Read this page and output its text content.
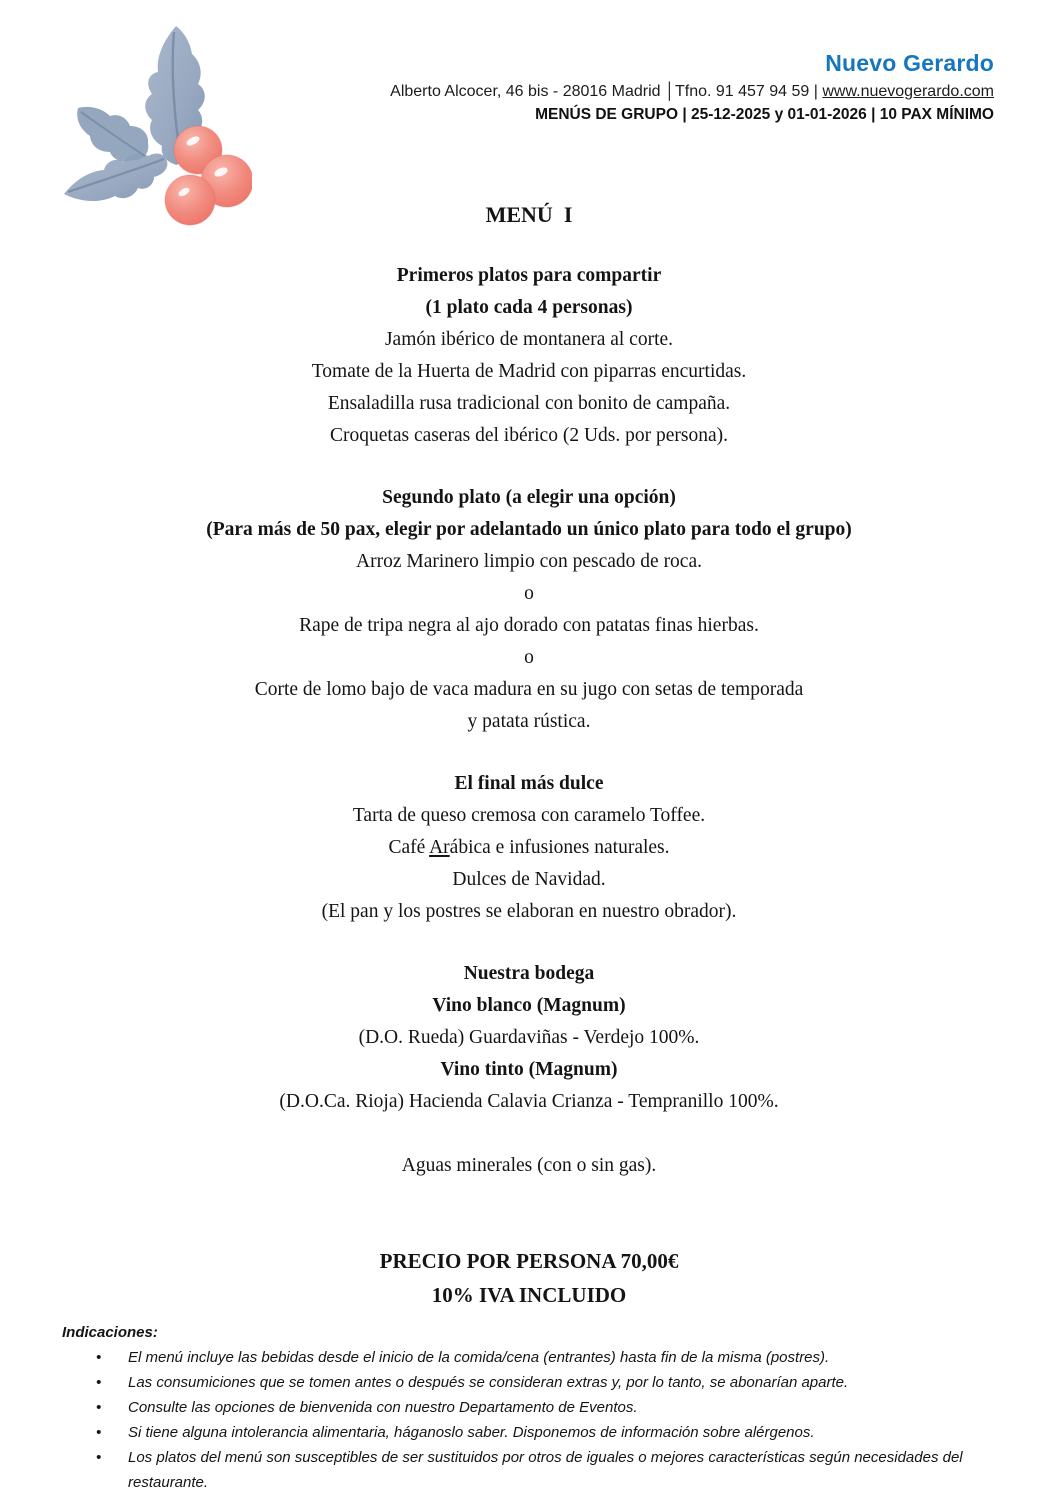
Nuevo Gerardo
Alberto Alcocer, 46 bis - 28016 Madrid │Tfno. 91 457 94 59 | www.nuevogerardo.com
MENÚS DE GRUPO | 25-12-2025 y 01-01-2026 | 10 PAX MÍNIMO
MENÚ  I
Primeros platos para compartir
(1 plato cada 4 personas)
Jamón ibérico de montanera al corte.
Tomate de la Huerta de Madrid con piparras encurtidas.
Ensaladilla rusa tradicional con bonito de campaña.
Croquetas caseras del ibérico (2 Uds. por persona).
Segundo plato (a elegir una opción)
(Para más de 50 pax, elegir por adelantado un único plato para todo el grupo)
Arroz Marinero limpio con pescado de roca.
o
Rape de tripa negra al ajo dorado con patatas finas hierbas.
o
Corte de lomo bajo de vaca madura en su jugo con setas de temporada
y patata rústica.
El final más dulce
Tarta de queso cremosa con caramelo Toffee.
Café Arábica e infusiones naturales.
Dulces de Navidad.
(El pan y los postres se elaboran en nuestro obrador).
Nuestra bodega
Vino blanco (Magnum)
(D.O. Rueda) Guardaviñas - Verdejo 100%.
Vino tinto (Magnum)
(D.O.Ca. Rioja) Hacienda Calavia Crianza - Tempranillo 100%.
Aguas minerales (con o sin gas).
PRECIO POR PERSONA 70,00€
10% IVA INCLUIDO
Indicaciones:
• El menú incluye las bebidas desde el inicio de la comida/cena (entrantes) hasta fin de la misma (postres).
• Las consumiciones que se tomen antes o después se consideran extras y, por lo tanto, se abonarían aparte.
• Consulte las opciones de bienvenida con nuestro Departamento de Eventos.
• Si tiene alguna intolerancia alimentaria, háganoslo saber. Disponemos de información sobre alérgenos.
• Los platos del menú son susceptibles de ser sustituidos por otros de iguales o mejores características según necesidades del restaurante.
